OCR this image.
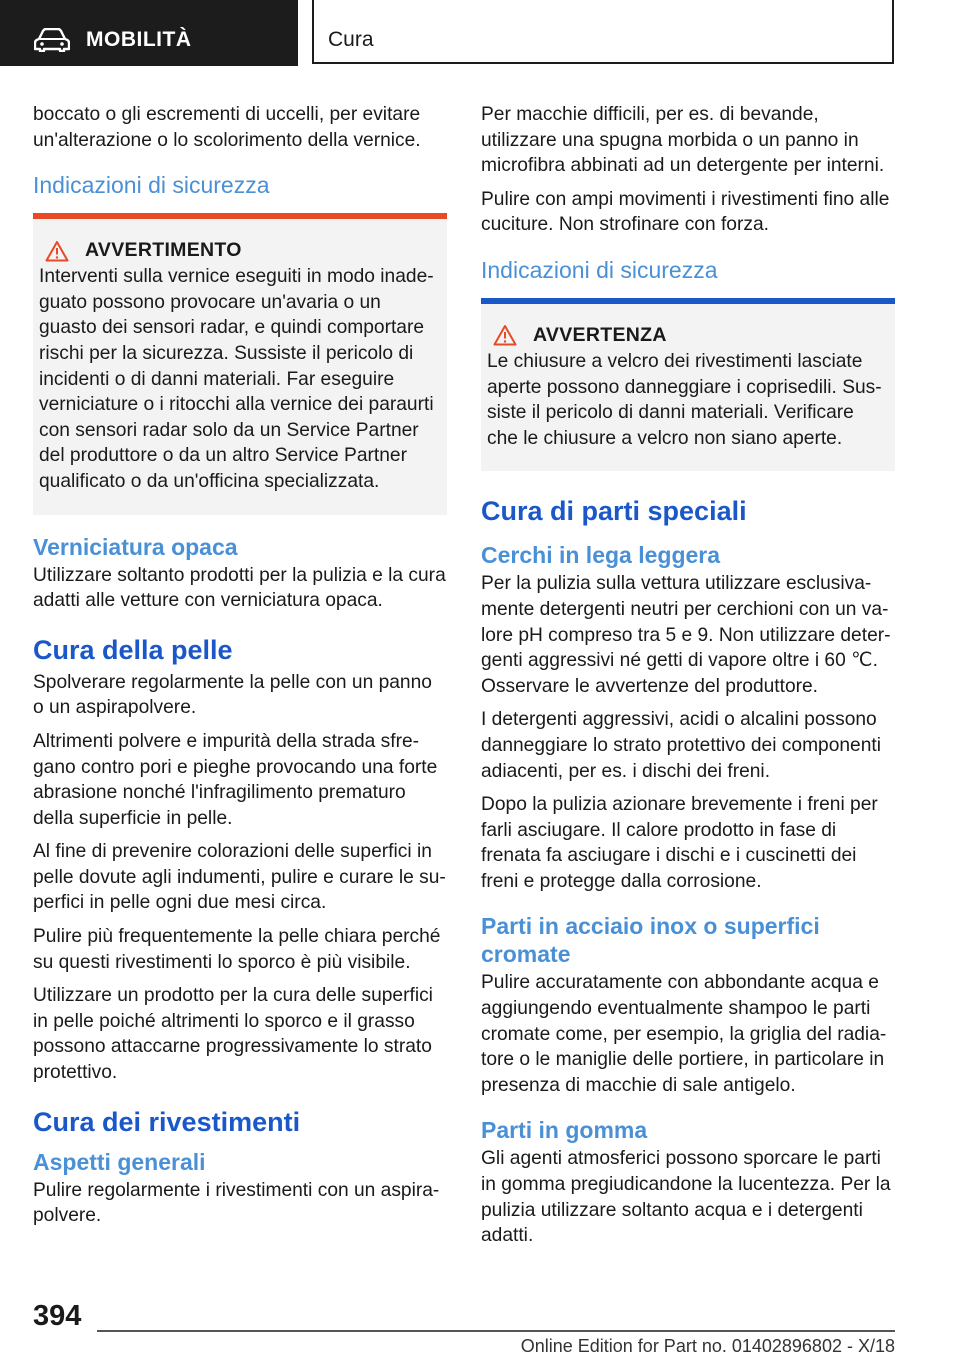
MOBILITÀ	Cura

boccato o gli escrementi di uccelli, per evitare un'alterazione o lo scolorimento della vernice.

Indicazioni di sicurezza
AVVERTIMENTO

Interventi sulla vernice eseguiti in modo inadeguato possono provocare un'avaria o un guasto dei sensori radar, e quindi comportare rischi per la sicurezza. Sussiste il pericolo di incidenti o di danni materiali. Far eseguire verniciature o i ritocchi alla vernice dei paraurti con sensori radar solo da un Service Partner del produttore o da un altro Service Partner qualificato o da un'officina specializzata.

Verniciatura opaca

Utilizzare soltanto prodotti per la pulizia e la cura adatti alle vetture con verniciatura opaca.

Cura della pelle

Spolverare regolarmente la pelle con un panno o un aspirapolvere.

Altrimenti polvere e impurità della strada sfregano contro pori e pieghe provocando una forte abrasione nonché l'infragilimento prematuro della superficie in pelle.

Al fine di prevenire colorazioni delle superfici in pelle dovute agli indumenti, pulire e curare le superfici in pelle ogni due mesi circa.

Pulire più frequentemente la pelle chiara perché su questi rivestimenti lo sporco è più visibile.

Utilizzare un prodotto per la cura delle superfici in pelle poiché altrimenti lo sporco e il grasso possono attaccarne progressivamente lo strato protettivo.

Cura dei rivestimenti
Aspetti generali

Pulire regolarmente i rivestimenti con un aspirapolvere.

Per macchie difficili, per es. di bevande, utilizzare una spugna morbida o un panno in microfibra abbinati ad un detergente per interni.

Pulire con ampi movimenti i rivestimenti fino alle cuciture. Non strofinare con forza.

Indicazioni di sicurezza
AVVERTENZA

Le chiusure a velcro dei rivestimenti lasciate aperte possono danneggiare i coprisedili. Sussiste il pericolo di danni materiali. Verificare che le chiusure a velcro non siano aperte.

Cura di parti speciali
Cerchi in lega leggera

Per la pulizia sulla vettura utilizzare esclusivamente detergenti neutri per cerchioni con un valore pH compreso tra 5 e 9. Non utilizzare detergenti aggressivi né getti di vapore oltre i 60 ℃. Osservare le avvertenze del produttore.

I detergenti aggressivi, acidi o alcalini possono danneggiare lo strato protettivo dei componenti adiacenti, per es. i dischi dei freni.

Dopo la pulizia azionare brevemente i freni per farli asciugare. Il calore prodotto in fase di frenata fa asciugare i dischi e i cuscinetti dei freni e protegge dalla corrosione.

Parti in acciaio inox o superfici cromate

Pulire accuratamente con abbondante acqua e aggiungendo eventualmente shampoo le parti cromate come, per esempio, la griglia del radiatore o le maniglie delle portiere, in particolare in presenza di macchie di sale antigelo.

Parti in gomma

Gli agenti atmosferici possono sporcare le parti in gomma pregiudicandone la lucentezza. Per la pulizia utilizzare soltanto acqua e i detergenti adatti.

394
Online Edition for Part no. 01402896802 - X/18
